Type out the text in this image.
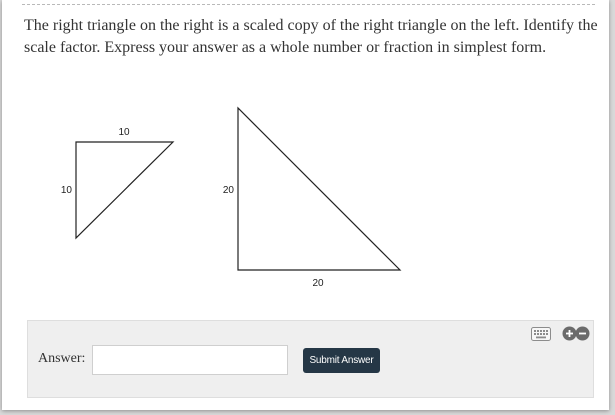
The right triangle on the right is a scaled copy of the right triangle on the left. Identify the scale factor. Express your answer as a whole number or fraction in simplest form.

10
10	20
20
Answer:	Submit Answer
